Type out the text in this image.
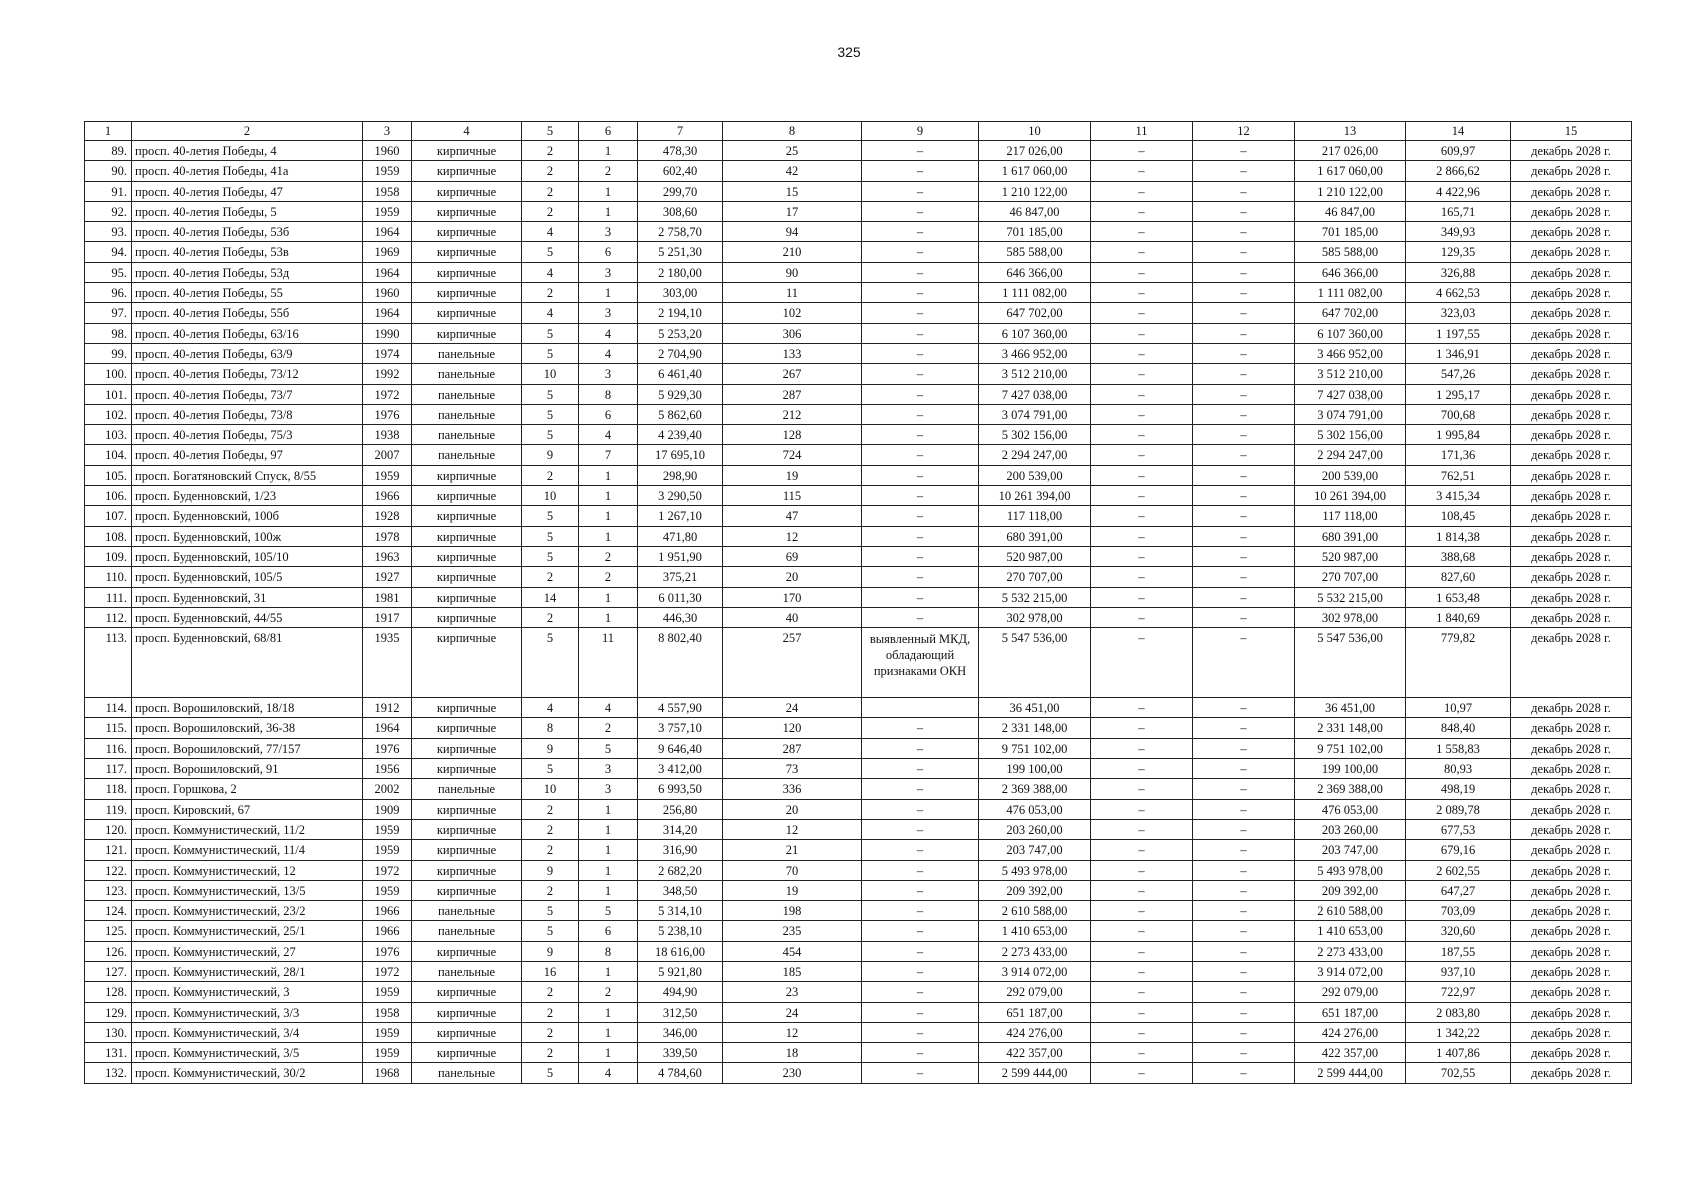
325
1	2	3	4	5	6	7	8	9	10	11	12	13	14	15
89.	просп. 40-летия Победы, 4	1960	кирпичные	2	1	478,30	25	–	217 026,00	–	–	217 026,00	609,97	декабрь 2028 г.
90.	просп. 40-летия Победы, 41а	1959	кирпичные	2	2	602,40	42	–	1 617 060,00	–	–	1 617 060,00	2 866,62	декабрь 2028 г.
91.	просп. 40-летия Победы, 47	1958	кирпичные	2	1	299,70	15	–	1 210 122,00	–	–	1 210 122,00	4 422,96	декабрь 2028 г.
92.	просп. 40-летия Победы, 5	1959	кирпичные	2	1	308,60	17	–	46 847,00	–	–	46 847,00	165,71	декабрь 2028 г.
93.	просп. 40-летия Победы, 53б	1964	кирпичные	4	3	2 758,70	94	–	701 185,00	–	–	701 185,00	349,93	декабрь 2028 г.
94.	просп. 40-летия Победы, 53в	1969	кирпичные	5	6	5 251,30	210	–	585 588,00	–	–	585 588,00	129,35	декабрь 2028 г.
95.	просп. 40-летия Победы, 53д	1964	кирпичные	4	3	2 180,00	90	–	646 366,00	–	–	646 366,00	326,88	декабрь 2028 г.
96.	просп. 40-летия Победы, 55	1960	кирпичные	2	1	303,00	11	–	1 111 082,00	–	–	1 111 082,00	4 662,53	декабрь 2028 г.
97.	просп. 40-летия Победы, 55б	1964	кирпичные	4	3	2 194,10	102	–	647 702,00	–	–	647 702,00	323,03	декабрь 2028 г.
98.	просп. 40-летия Победы, 63/16	1990	кирпичные	5	4	5 253,20	306	–	6 107 360,00	–	–	6 107 360,00	1 197,55	декабрь 2028 г.
99.	просп. 40-летия Победы, 63/9	1974	панельные	5	4	2 704,90	133	–	3 466 952,00	–	–	3 466 952,00	1 346,91	декабрь 2028 г.
100.	просп. 40-летия Победы, 73/12	1992	панельные	10	3	6 461,40	267	–	3 512 210,00	–	–	3 512 210,00	547,26	декабрь 2028 г.
101.	просп. 40-летия Победы, 73/7	1972	панельные	5	8	5 929,30	287	–	7 427 038,00	–	–	7 427 038,00	1 295,17	декабрь 2028 г.
102.	просп. 40-летия Победы, 73/8	1976	панельные	5	6	5 862,60	212	–	3 074 791,00	–	–	3 074 791,00	700,68	декабрь 2028 г.
103.	просп. 40-летия Победы, 75/3	1938	панельные	5	4	4 239,40	128	–	5 302 156,00	–	–	5 302 156,00	1 995,84	декабрь 2028 г.
104.	просп. 40-летия Победы, 97	2007	панельные	9	7	17 695,10	724	–	2 294 247,00	–	–	2 294 247,00	171,36	декабрь 2028 г.
105.	просп. Богатяновский Спуск, 8/55	1959	кирпичные	2	1	298,90	19	–	200 539,00	–	–	200 539,00	762,51	декабрь 2028 г.
106.	просп. Буденновский, 1/23	1966	кирпичные	10	1	3 290,50	115	–	10 261 394,00	–	–	10 261 394,00	3 415,34	декабрь 2028 г.
107.	просп. Буденновский, 100б	1928	кирпичные	5	1	1 267,10	47	–	117 118,00	–	–	117 118,00	108,45	декабрь 2028 г.
108.	просп. Буденновский, 100ж	1978	кирпичные	5	1	471,80	12	–	680 391,00	–	–	680 391,00	1 814,38	декабрь 2028 г.
109.	просп. Буденновский, 105/10	1963	кирпичные	5	2	1 951,90	69	–	520 987,00	–	–	520 987,00	388,68	декабрь 2028 г.
110.	просп. Буденновский, 105/5	1927	кирпичные	2	2	375,21	20	–	270 707,00	–	–	270 707,00	827,60	декабрь 2028 г.
111.	просп. Буденновский, 31	1981	кирпичные	14	1	6 011,30	170	–	5 532 215,00	–	–	5 532 215,00	1 653,48	декабрь 2028 г.
112.	просп. Буденновский, 44/55	1917	кирпичные	2	1	446,30	40	–	302 978,00	–	–	302 978,00	1 840,69	декабрь 2028 г.
113.	просп. Буденновский, 68/81	1935	кирпичные	5	11	8 802,40	257	выявленный МКД, обладающий признаками ОКН	5 547 536,00	–	–	5 547 536,00	779,82	декабрь 2028 г.
114.	просп. Ворошиловский, 18/18	1912	кирпичные	4	4	4 557,90	24		36 451,00	–	–	36 451,00	10,97	декабрь 2028 г.
115.	просп. Ворошиловский, 36-38	1964	кирпичные	8	2	3 757,10	120	–	2 331 148,00	–	–	2 331 148,00	848,40	декабрь 2028 г.
116.	просп. Ворошиловский, 77/157	1976	кирпичные	9	5	9 646,40	287	–	9 751 102,00	–	–	9 751 102,00	1 558,83	декабрь 2028 г.
117.	просп. Ворошиловский, 91	1956	кирпичные	5	3	3 412,00	73	–	199 100,00	–	–	199 100,00	80,93	декабрь 2028 г.
118.	просп. Горшкова, 2	2002	панельные	10	3	6 993,50	336	–	2 369 388,00	–	–	2 369 388,00	498,19	декабрь 2028 г.
119.	просп. Кировский, 67	1909	кирпичные	2	1	256,80	20	–	476 053,00	–	–	476 053,00	2 089,78	декабрь 2028 г.
120.	просп. Коммунистический, 11/2	1959	кирпичные	2	1	314,20	12	–	203 260,00	–	–	203 260,00	677,53	декабрь 2028 г.
121.	просп. Коммунистический, 11/4	1959	кирпичные	2	1	316,90	21	–	203 747,00	–	–	203 747,00	679,16	декабрь 2028 г.
122.	просп. Коммунистический, 12	1972	кирпичные	9	1	2 682,20	70	–	5 493 978,00	–	–	5 493 978,00	2 602,55	декабрь 2028 г.
123.	просп. Коммунистический, 13/5	1959	кирпичные	2	1	348,50	19	–	209 392,00	–	–	209 392,00	647,27	декабрь 2028 г.
124.	просп. Коммунистический, 23/2	1966	панельные	5	5	5 314,10	198	–	2 610 588,00	–	–	2 610 588,00	703,09	декабрь 2028 г.
125.	просп. Коммунистический, 25/1	1966	панельные	5	6	5 238,10	235	–	1 410 653,00	–	–	1 410 653,00	320,60	декабрь 2028 г.
126.	просп. Коммунистический, 27	1976	кирпичные	9	8	18 616,00	454	–	2 273 433,00	–	–	2 273 433,00	187,55	декабрь 2028 г.
127.	просп. Коммунистический, 28/1	1972	панельные	16	1	5 921,80	185	–	3 914 072,00	–	–	3 914 072,00	937,10	декабрь 2028 г.
128.	просп. Коммунистический, 3	1959	кирпичные	2	2	494,90	23	–	292 079,00	–	–	292 079,00	722,97	декабрь 2028 г.
129.	просп. Коммунистический, 3/3	1958	кирпичные	2	1	312,50	24	–	651 187,00	–	–	651 187,00	2 083,80	декабрь 2028 г.
130.	просп. Коммунистический, 3/4	1959	кирпичные	2	1	346,00	12	–	424 276,00	–	–	424 276,00	1 342,22	декабрь 2028 г.
131.	просп. Коммунистический, 3/5	1959	кирпичные	2	1	339,50	18	–	422 357,00	–	–	422 357,00	1 407,86	декабрь 2028 г.
132.	просп. Коммунистический, 30/2	1968	панельные	5	4	4 784,60	230	–	2 599 444,00	–	–	2 599 444,00	702,55	декабрь 2028 г.
